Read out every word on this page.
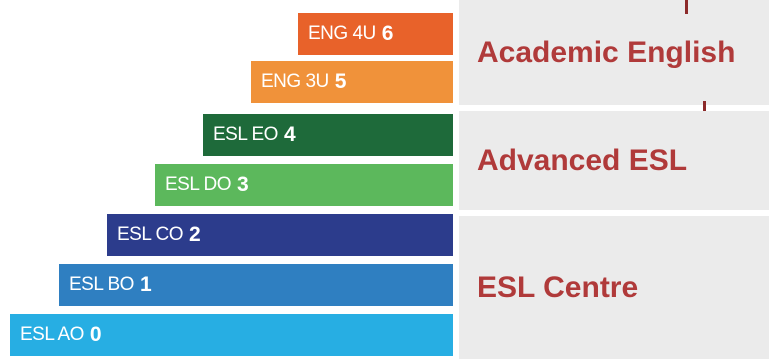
ENG 4U 6
ENG 3U 5
ESL EO 4
ESL DO 3
ESL CO 2
ESL BO 1
ESL AO 0
Academic English
Advanced ESL
ESL Centre
